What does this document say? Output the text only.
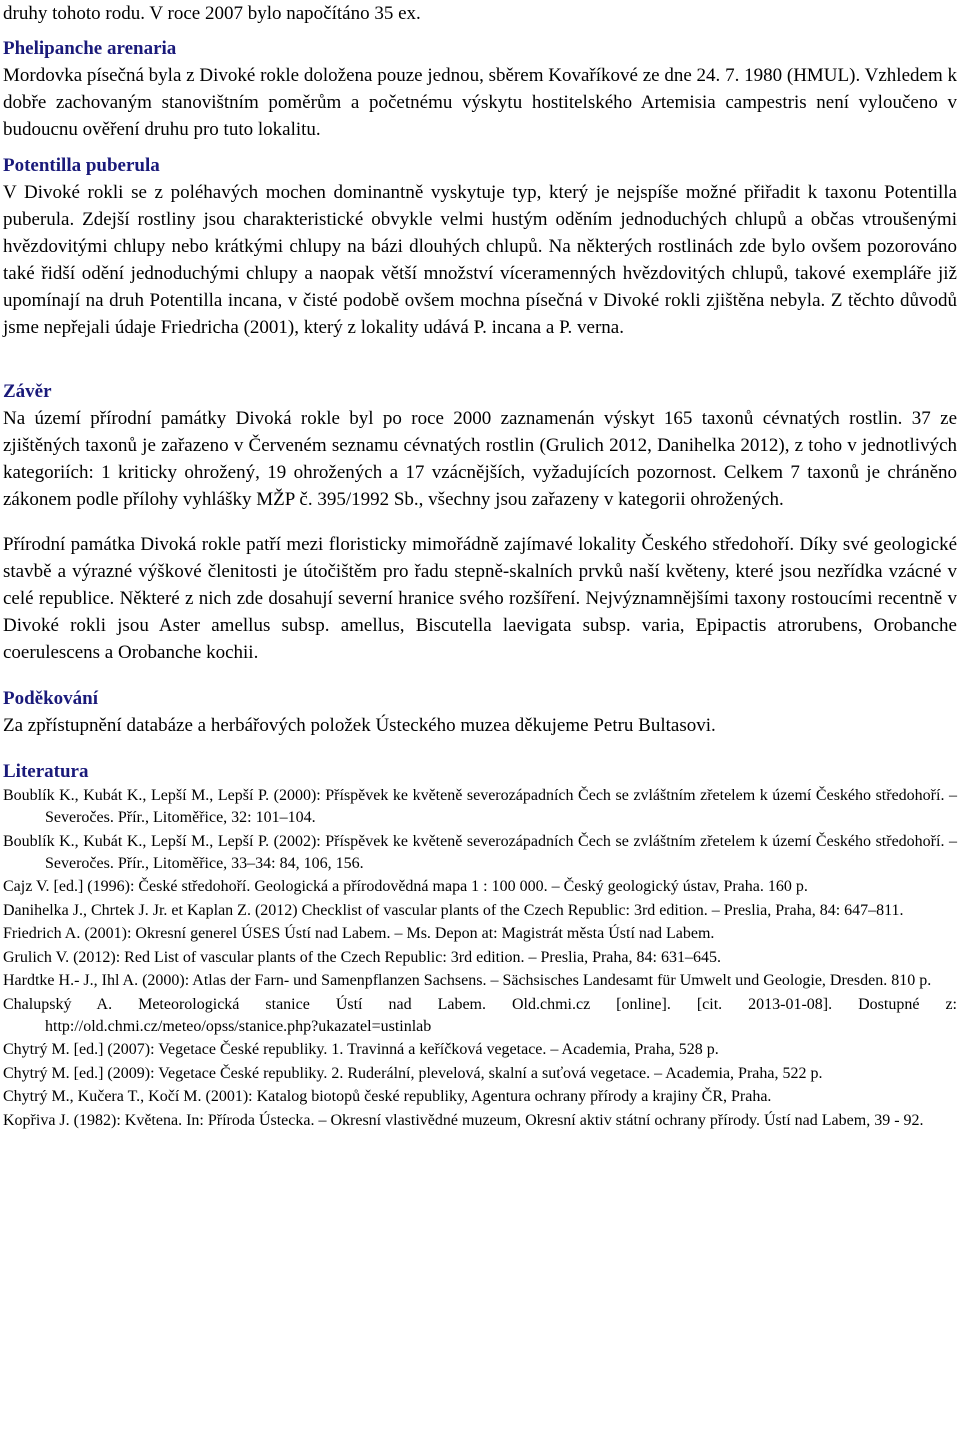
druhy tohoto rodu. V roce 2007 bylo napočítáno 35 ex.

Phelipanche arenaria

Mordovka písečná byla z Divoké rokle doložena pouze jednou, sběrem Kovaříkové ze dne 24. 7. 1980 (HMUL). Vzhledem k dobře zachovaným stanovištním poměrům a početnému výskytu hostitelského Artemisia campestris není vyloučeno v budoucnu ověření druhu pro tuto lokalitu.

Potentilla puberula

V Divoké rokli se z poléhavých mochen dominantně vyskytuje typ, který je nejspíše možné přiřadit k taxonu Potentilla puberula. Zdejší rostliny jsou charakteristické obvykle velmi hustým oděním jednoduchých chlupů a občas vtroušenými hvězdovitými chlupy nebo krátkými chlupy na bázi dlouhých chlupů. Na některých rostlinách zde bylo ovšem pozorováno také řidší odění jednoduchými chlupy a naopak větší množství víceramenných hvězdovitých chlupů, takové exempláře již upomínají na druh Potentilla incana, v čisté podobě ovšem mochna písečná v Divoké rokli zjištěna nebyla. Z těchto důvodů jsme nepřejali údaje Friedricha (2001), který z lokality udává P. incana a P. verna.

Závěr

Na území přírodní památky Divoká rokle byl po roce 2000 zaznamenán výskyt 165 taxonů cévnatých rostlin. 37 ze zjištěných taxonů je zařazeno v Červeném seznamu cévnatých rostlin (Grulich 2012, Danihelka 2012), z toho v jednotlivých kategoriích: 1 kriticky ohrožený, 19 ohrožených a 17 vzácnějších, vyžadujících pozornost. Celkem 7 taxonů je chráněno zákonem podle přílohy vyhlášky MŽP č. 395/1992 Sb., všechny jsou zařazeny v kategorii ohrožených.

Přírodní památka Divoká rokle patří mezi floristicky mimořádně zajímavé lokality Českého středohoří. Díky své geologické stavbě a výrazné výškové členitosti je útočištěm pro řadu stepně-skalních prvků naší květeny, které jsou nezřídka vzácné v celé republice. Některé z nich zde dosahují severní hranice svého rozšíření. Nejvýznamnějšími taxony rostoucími recentně v Divoké rokli jsou Aster amellus subsp. amellus, Biscutella laevigata subsp. varia, Epipactis atrorubens, Orobanche coerulescens a Orobanche kochii.

Poděkování

Za zpřístupnění databáze a herbářových položek Ústeckého muzea děkujeme Petru Bultasovi.

Literatura
Boublík K., Kubát K., Lepší M., Lepší P. (2000): Příspěvek ke květeně severozápadních Čech se zvláštním zřetelem k území Českého středohoří. – Severočes. Přír., Litoměřice, 32: 101–104.
Boublík K., Kubát K., Lepší M., Lepší P. (2002): Příspěvek ke květeně severozápadních Čech se zvláštním zřetelem k území Českého středohoří. – Severočes. Přír., Litoměřice, 33–34: 84, 106, 156.
Cajz V. [ed.] (1996): České středohoří. Geologická a přírodovědná mapa 1 : 100 000. – Český geologický ústav, Praha. 160 p.
Danihelka J., Chrtek J. Jr. et Kaplan Z. (2012) Checklist of vascular plants of the Czech Republic: 3rd edition. – Preslia, Praha, 84: 647–811.
Friedrich A. (2001): Okresní generel ÚSES Ústí nad Labem. – Ms. Depon at: Magistrát města Ústí nad Labem.
Grulich V. (2012): Red List of vascular plants of the Czech Republic: 3rd edition. – Preslia, Praha, 84: 631–645.
Hardtke H.- J., Ihl A. (2000): Atlas der Farn- und Samenpflanzen Sachsens. – Sächsisches Landesamt für Umwelt und Geologie, Dresden. 810 p.
Chalupský A. Meteorologická stanice Ústí nad Labem. Old.chmi.cz [online]. [cit. 2013-01-08]. Dostupné z: http://old.chmi.cz/meteo/opss/stanice.php?ukazatel=ustinlab
Chytrý M. [ed.] (2007): Vegetace České republiky. 1. Travinná a keříčková vegetace. – Academia, Praha, 528 p.
Chytrý M. [ed.] (2009): Vegetace České republiky. 2. Ruderální, plevelová, skalní a suťová vegetace. – Academia, Praha, 522 p.
Chytrý M., Kučera T., Kočí M. (2001): Katalog biotopů české republiky, Agentura ochrany přírody a krajiny ČR, Praha.
Kopřiva J. (1982): Květena. In: Příroda Ústecka. – Okresní vlastivědné muzeum, Okresní aktiv státní ochrany přírody. Ústí nad Labem, 39 - 92.
